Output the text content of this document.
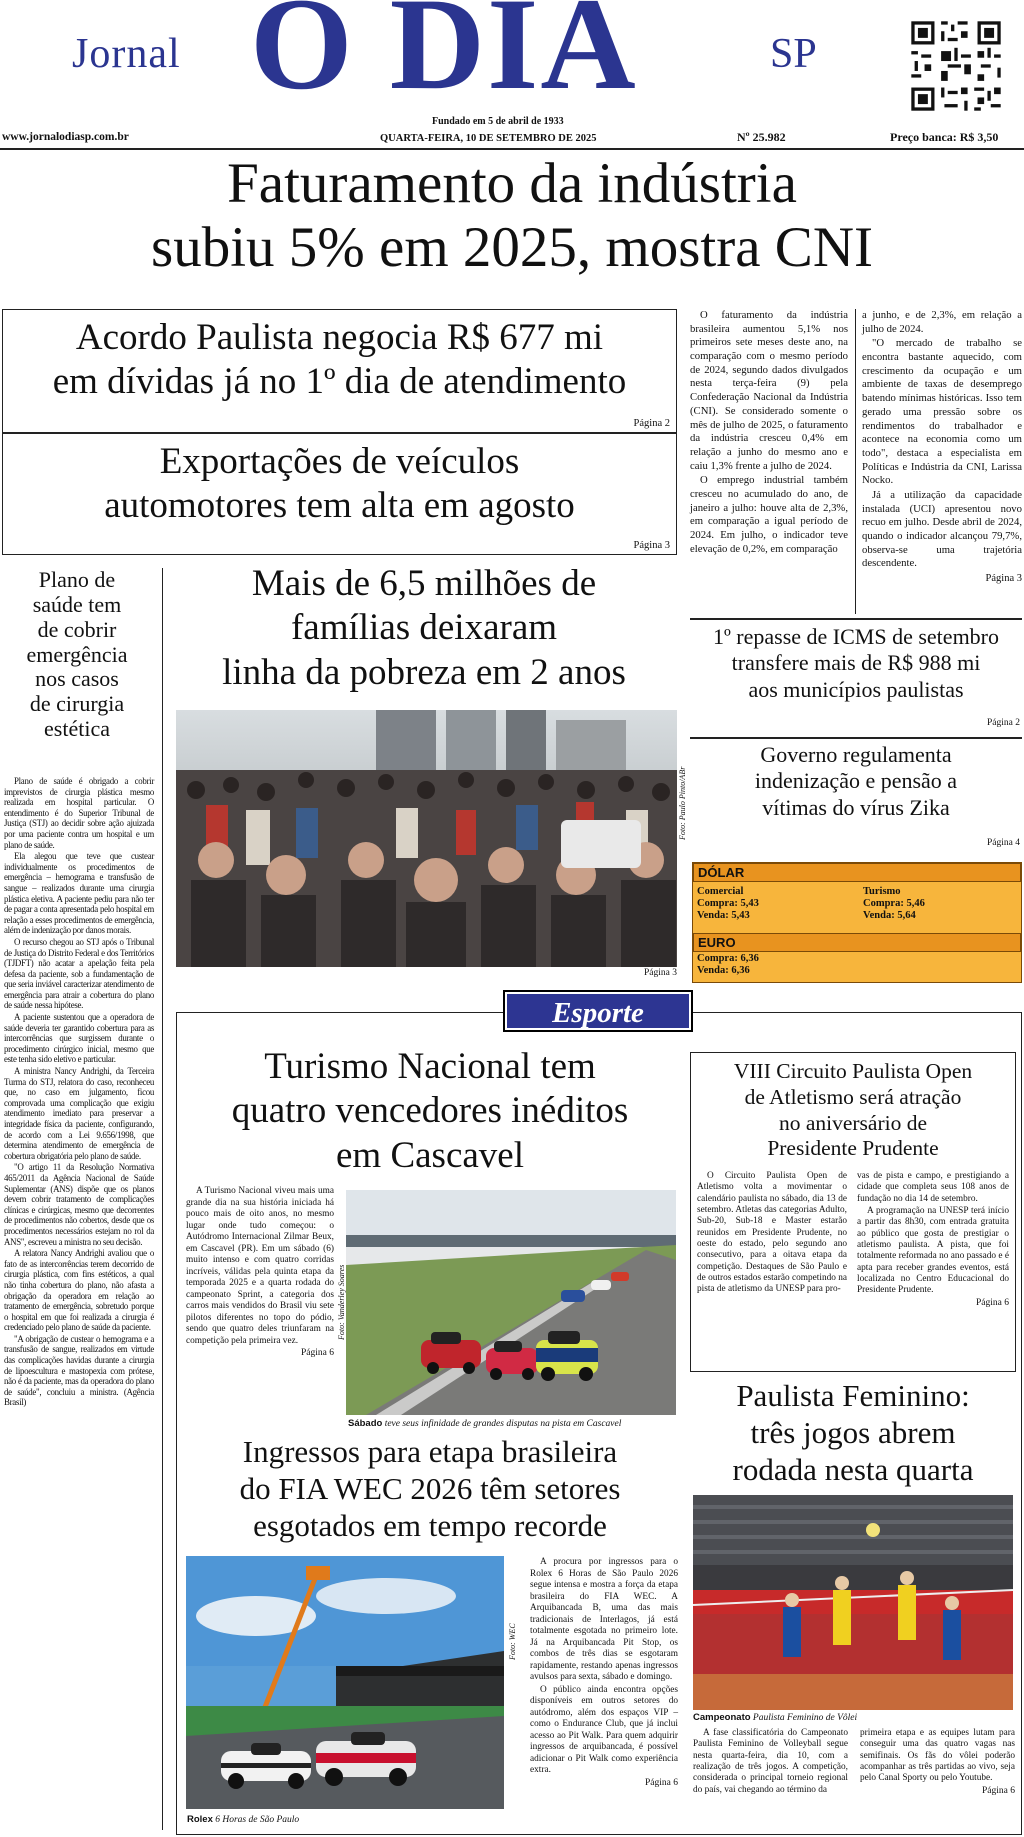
Jornal O DIA	SP
Fundado em 5 de abril de 1933
www.jornalodiasp.com.br	QUARTA-FEIRA, 10 DE SETEMBRO DE 2025	Nº 25.982	Preço banca: R$ 3,50
Faturamento da indústria
subiu 5% em 2025, mostra CNI
Acordo Paulista negocia R$ 677 mi
em dívidas já no 1º dia de atendimento
Página 2
Exportações de veículos
automotores tem alta em agosto
Página 3

O faturamento da indústria brasileira aumentou 5,1% nos primeiros sete meses deste ano, na comparação com o mesmo período de 2024, segundo dados divulgados nesta terça-feira (9) pela Confederação Nacional da Indústria (CNI). Se considerado somente o mês de julho de 2025, o faturamento da indústria cresceu 0,4% em relação a junho do mesmo ano e caiu 1,3% frente a julho de 2024.

O emprego industrial também cresceu no acumulado do ano, de janeiro a julho: houve alta de 2,3%, em comparação a igual período de 2024. Em julho, o indicador teve elevação de 0,2%, em comparação

a junho, e de 2,3%, em relação a julho de 2024.

"O mercado de trabalho se encontra bastante aquecido, com crescimento da ocupação e um ambiente de taxas de desemprego batendo mínimas históricas. Isso tem gerado uma pressão sobre os rendimentos do trabalhador e acontece na economia como um todo", destaca a especialista em Políticas e Indústria da CNI, Larissa Nocko.

Já a utilização da capacidade instalada (UCI) apresentou novo recuo em julho. Desde abril de 2024, quando o indicador alcançou 79,7%, observa-se uma trajetória descendente.

Página 3
1º repasse de ICMS de setembro
transfere mais de R$ 988 mi
aos municípios paulistas
Página 2
Governo regulamenta
indenização e pensão a
vítimas do vírus Zika
Página 4
DÓLAR
Comercial
Compra: 5,43
Venda: 5,43
Turismo
Compra: 5,46
Venda: 5,64
EURO
Compra: 6,36
Venda: 6,36
Plano de
saúde tem
de cobrir
emergência
nos casos
de cirurgia
estética

Plano de saúde é obrigado a cobrir imprevistos de cirurgia plástica mesmo realizada em hospital particular. O entendimento é do Superior Tribunal de Justiça (STJ) ao decidir sobre ação ajuizada por uma paciente contra um hospital e um plano de saúde.

Ela alegou que teve que custear individualmente os procedimentos de emergência – hemograma e transfusão de sangue – realizados durante uma cirurgia plástica eletiva. A paciente pediu para não ter de pagar a conta apresentada pelo hospital em relação a esses procedimentos de emergência, além de indenização por danos morais.

O recurso chegou ao STJ após o Tribunal de Justiça do Distrito Federal e dos Territórios (TJDFT) não acatar a apelação feita pela defesa da paciente, sob a fundamentação de que seria inviável caracterizar atendimento de emergência para atrair a cobertura do plano de saúde nessa hipótese.

A paciente sustentou que a operadora de saúde deveria ter garantido cobertura para as intercorrências que surgissem durante o procedimento cirúrgico inicial, mesmo que este tenha sido eletivo e particular.

A ministra Nancy Andrighi, da Terceira Turma do STJ, relatora do caso, reconheceu que, no caso em julgamento, ficou comprovada uma complicação que exigiu atendimento imediato para preservar a integridade física da paciente, configurando, de acordo com a Lei 9.656/1998, que determina atendimento de emergência de cobertura obrigatória pelo plano de saúde.

"O artigo 11 da Resolução Normativa 465/2011 da Agência Nacional de Saúde Suplementar (ANS) dispõe que os planos devem cobrir tratamento de complicações clínicas e cirúrgicas, mesmo que decorrentes de procedimentos não cobertos, desde que os procedimentos necessários estejam no rol da ANS", escreveu a ministra no seu decisão.

A relatora Nancy Andrighi avaliou que o fato de as intercorrências terem decorrido de cirurgia plástica, com fins estéticos, a qual não tinha cobertura do plano, não afasta a obrigação da operadora em relação ao tratamento de emergência, sobretudo porque o hospital em que foi realizada a cirurgia é credenciado pelo plano de saúde da paciente.

"A obrigação de custear o hemograma e a transfusão de sangue, realizados em virtude das complicações havidas durante a cirurgia de lipoescultura e mastopexia com prótese, não é da paciente, mas da operadora do plano de saúde", concluiu a ministra. (Agência Brasil)

Mais de 6,5 milhões de
famílias deixaram
linha da pobreza em 2 anos
Foto: Paulo Pinto/ABr
Página 3
Esporte
Turismo Nacional tem
quatro vencedores inéditos
em Cascavel

A Turismo Nacional viveu mais uma grande dia na sua história iniciada há pouco mais de oito anos, no mesmo lugar onde tudo começou: o Autódromo Internacional Zilmar Beux, em Cascavel (PR). Em um sábado (6) muito intenso e com quatro corridas incríveis, válidas pela quinta etapa da temporada 2025 e a quarta rodada do campeonato Sprint, a categoria dos carros mais vendidos do Brasil viu sete pilotos diferentes no topo do pódio, sendo que quatro deles triunfaram na competição pela primeira vez.

Página 6
Foto: Vanderley Soares
Sábado teve seus infinidade de grandes disputas na pista em Cascavel
VIII Circuito Paulista Open
de Atletismo será atração
no aniversário de
Presidente Prudente

O Circuito Paulista Open de Atletismo volta a movimentar o calendário paulista no sábado, dia 13 de setembro. Atletas das categorias Adulto, Sub-20, Sub-18 e Master estarão reunidos em Presidente Prudente, no oeste do estado, pelo segundo ano consecutivo, para a oitava etapa da competição. Destaques de São Paulo e de outros estados estarão competindo na pista de atletismo da UNESP para pro-

vas de pista e campo, e prestigiando a cidade que completa seus 108 anos de fundação no dia 14 de setembro.

A programação na UNESP terá início a partir das 8h30, com entrada gratuita ao público que gosta de prestigiar o atletismo paulista. A pista, que foi totalmente reformada no ano passado e é apta para receber grandes eventos, está localizada no Centro Educacional do Presidente Prudente.

Página 6
Ingressos para etapa brasileira
do FIA WEC 2026 têm setores
esgotados em tempo recorde
Foto: WEC

A procura por ingressos para o Rolex 6 Horas de São Paulo 2026 segue intensa e mostra a força da etapa brasileira do FIA WEC. A Arquibancada B, uma das mais tradicionais de Interlagos, já está totalmente esgotada no primeiro lote. Já na Arquibancada Pit Stop, os combos de três dias se esgotaram rapidamente, restando apenas ingressos avulsos para sexta, sábado e domingo.

O público ainda encontra opções disponíveis em outros setores do autódromo, além dos espaços VIP – como o Endurance Club, que já inclui acesso ao Pit Walk. Para quem adquirir ingressos de arquibancada, é possível adicionar o Pit Walk como experiência extra.

Página 6
Rolex 6 Horas de São Paulo
Paulista Feminino:
três jogos abrem
rodada nesta quarta
Campeonato Paulista Feminino de Vôlei

A fase classificatória do Campeonato Paulista Feminino de Volleyball segue nesta quarta-feira, dia 10, com a realização de três jogos. A competição, considerada o principal torneio regional do país, vai chegando ao término da

primeira etapa e as equipes lutam para conseguir uma das quatro vagas nas semifinais. Os fãs do vôlei poderão acompanhar as três partidas ao vivo, seja pelo Canal Sporty ou pelo Youtube.

Página 6
